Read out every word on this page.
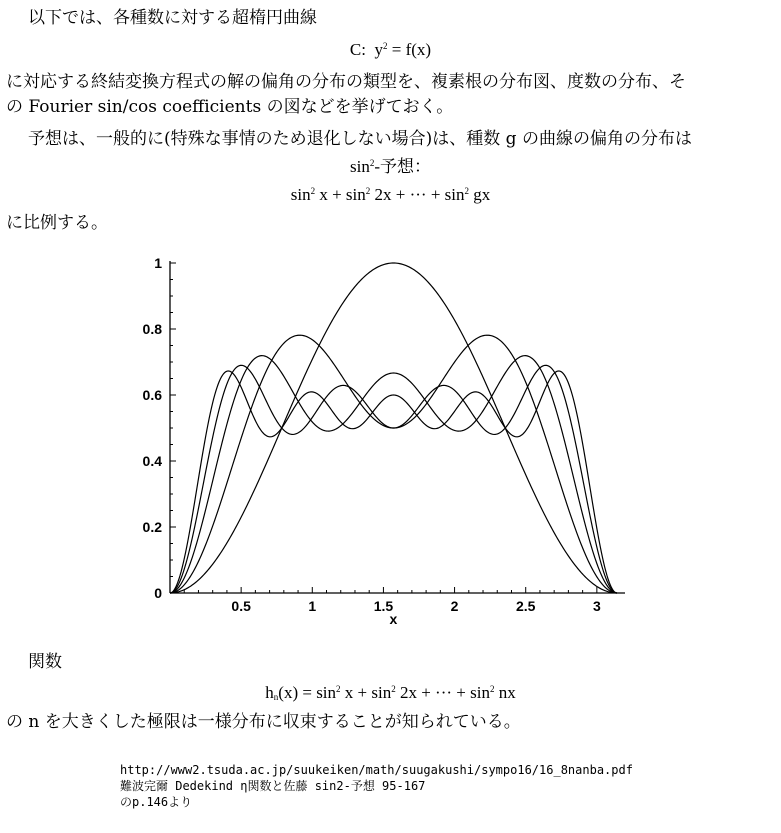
以下では、各種数に対する超楕円曲線
C: $y^2 = f(x)$
に対応する終結変換方程式の解の偏角の分布の類型を、複素根の分布図、度数の分布、そ
の Fourier sin/cos coefficients の図などを挙げておく。
予想は、一般的に(特殊な事情のため退化しない場合)は、種数 g の曲線の偏角の分布は
$\sin^2-$予想：
$\sin^2 x + \sin^2 2x$ + ··· + $\sin^2$ gx
に比例する。
0.5	1	1.5	2	2.5	3
0
0.2
0.4
0.6
0.8
1
x
関数
$h_n(x) = \sin^2 x + \sin^2 2x$ + ··· + $\sin^2$ nx
の n を大きくした極限は一様分布に収束することが知られている。
http://www2.tsuda.ac.jp/suukeiken/math/suugakushi/sympo16/16_8nanba.pdf
難波完爾 Dedekind η関数と佐藤 sin2-予想 95-167
のp.146より
